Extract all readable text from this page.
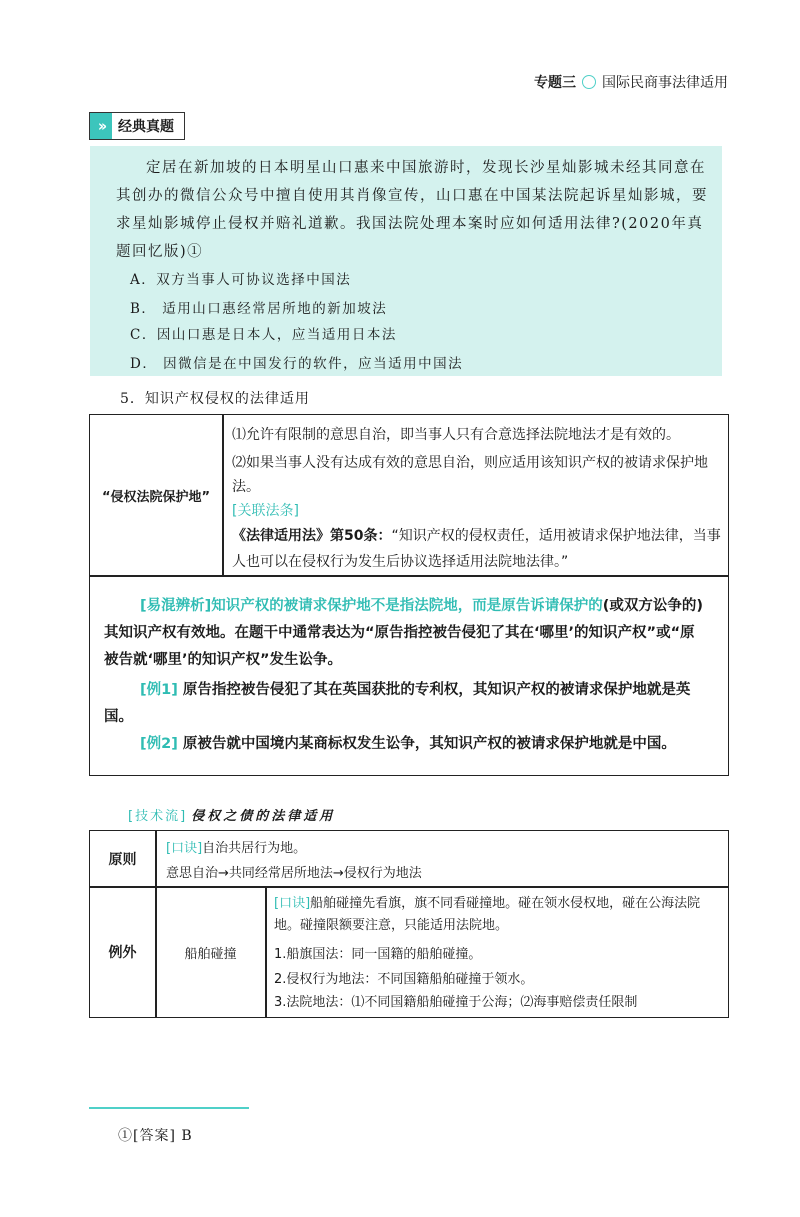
专题三 国际民商事法律适用
›› 经典真题
定居在新加坡的日本明星山口惠来中国旅游时，发现长沙星灿影城未经其同意在其创办的微信公众号中擅自使用其肖像宣传，山口惠在中国某法院起诉星灿影城，要求星灿影城停止侵权并赔礼道歉。我国法院处理本案时应如何适用法律?(2020年真题回忆版)①
A．双方当事人可协议选择中国法
B． 适用山口惠经常居所地的新加坡法
C．因山口惠是日本人，应当适用日本法
D． 因微信是在中国发行的软件，应当适用中国法
5．知识产权侵权的法律适用
“侵权法院保护地”
⑴允许有限制的意思自治，即当事人只有合意选择法院地法才是有效的。
⑵如果当事人没有达成有效的意思自治，则应适用该知识产权的被请求保护地法。
[关联法条]
《法律适用法》第50条：“知识产权的侵权责任，适用被请求保护地法律，当事人也可以在侵权行为发生后协议选择适用法院地法律。”
[易混辨析]知识产权的被请求保护地不是指法院地，而是原告诉请保护的(或双方讼争的)其知识产权有效地。在题干中通常表达为“原告指控被告侵犯了其在‘哪里’的知识产权”或“原被告就‘哪里’的知识产权”发生讼争。
[例1] 原告指控被告侵犯了其在英国获批的专利权，其知识产权的被请求保护地就是英国。
[例2] 原被告就中国境内某商标权发生讼争，其知识产权的被请求保护地就是中国。
[技术流] 侵权之债的法律适用
原则
[口诀]自治共居行为地。
意思自治→共同经常居所地法→侵权行为地法
例外	船舶碰撞
[口诀]船舶碰撞先看旗，旗不同看碰撞地。碰在领水侵权地，碰在公海法院地。碰撞限额要注意，只能适用法院地。
1.船旗国法：同一国籍的船舶碰撞。
2.侵权行为地法：不同国籍船舶碰撞于领水。
3.法院地法：⑴不同国籍船舶碰撞于公海；⑵海事赔偿责任限制
①[答案] B
